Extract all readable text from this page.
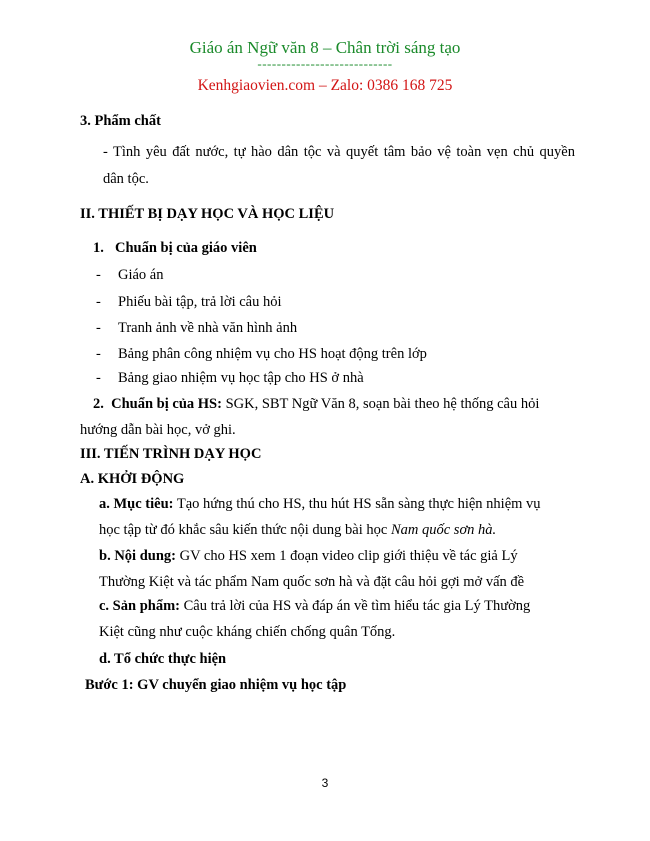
Giáo án Ngữ văn 8 – Chân trời sáng tạo
----------------------------
Kenhgiaovien.com – Zalo: 0386 168 725
3. Phẩm chất
- Tình yêu đất nước, tự hào dân tộc và quyết tâm bảo vệ toàn vẹn chủ quyền
dân tộc.
II. THIẾT BỊ DẠY HỌC VÀ HỌC LIỆU
1. Chuẩn bị của giáo viên
- Giáo án
- Phiếu bài tập, trả lời câu hỏi
- Tranh ảnh về nhà văn hình ảnh
- Bảng phân công nhiệm vụ cho HS hoạt động trên lớp
- Bảng giao nhiệm vụ học tập cho HS ở nhà
2. Chuẩn bị của HS: SGK, SBT Ngữ Văn 8, soạn bài theo hệ thống câu hỏi
hướng dẫn bài học, vở ghi.
III. TIẾN TRÌNH DẠY HỌC
A. KHỞI ĐỘNG
a. Mục tiêu: Tạo hứng thú cho HS, thu hút HS sẵn sàng thực hiện nhiệm vụ
học tập từ đó khắc sâu kiến thức nội dung bài học Nam quốc sơn hà.
b. Nội dung: GV cho HS xem 1 đoạn video clip giới thiệu về tác giả Lý
Thường Kiệt và tác phẩm Nam quốc sơn hà và đặt câu hỏi gợi mở vấn đề
c. Sản phẩm: Câu trả lời của HS và đáp án về tìm hiểu tác gia Lý Thường
Kiệt cũng như cuộc kháng chiến chống quân Tống.
d. Tổ chức thực hiện
Bước 1: GV chuyển giao nhiệm vụ học tập
3
